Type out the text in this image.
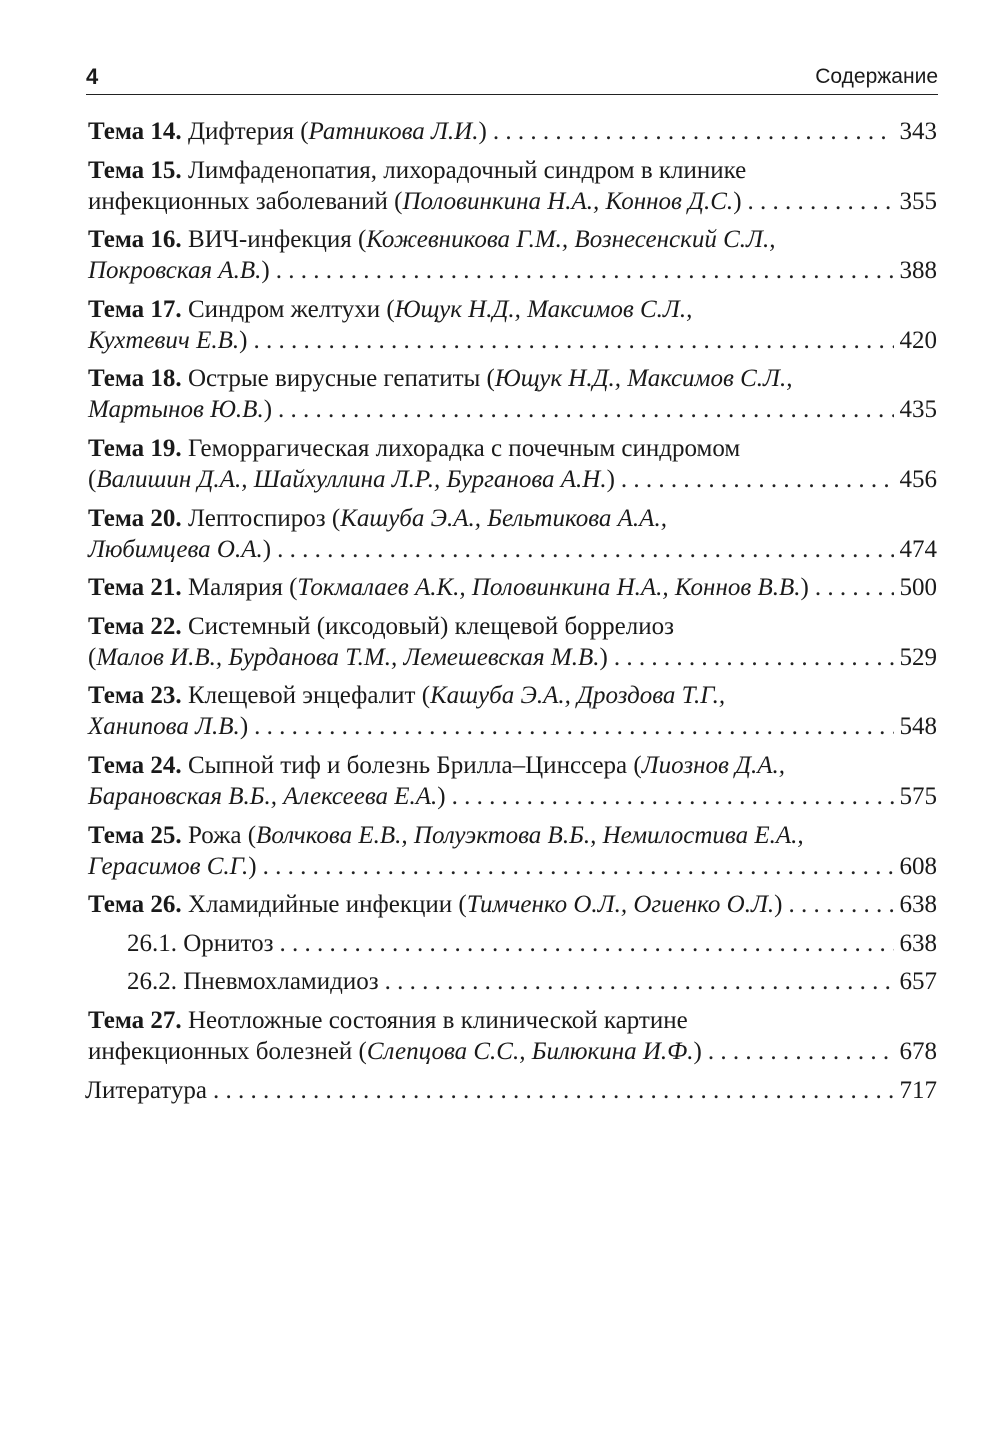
4	Содержание
Тема 14. Дифтерия (Ратникова Л.И.) . . .	343
Тема 15. Лимфаденопатия, лихорадочный синдром в клинике
инфекционных заболеваний (Половинкина Н.А., Коннов Д.С.) . . .	355
Тема 16. ВИЧ-инфекция (Кожевникова Г.М., Вознесенский С.Л.,
Покровская А.В.) . . .	388
Тема 17. Синдром желтухи (Ющук Н.Д., Максимов С.Л.,
Кухтевич Е.В.) . . .	420
Тема 18. Острые вирусные гепатиты (Ющук Н.Д., Максимов С.Л.,
Мартынов Ю.В.) . . .	435
Тема 19. Геморрагическая лихорадка с почечным синдромом
(Валишин Д.А., Шайхуллина Л.Р., Бурганова А.Н.) . . .	456
Тема 20. Лептоспироз (Кашуба Э.А., Бельтикова А.А.,
Любимцева О.А.) . . .	474
Тема 21. Малярия (Токмалаев А.К., Половинкина Н.А., Коннов В.В.) . . .	500
Тема 22. Системный (иксодовый) клещевой боррелиоз
(Малов И.В., Бурданова Т.М., Лемешевская М.В.) . . .	529
Тема 23. Клещевой энцефалит (Кашуба Э.А., Дроздова Т.Г.,
Ханипова Л.В.) . . .	548
Тема 24. Сыпной тиф и болезнь Брилла–Цинссера (Лиознов Д.А.,
Барановская В.Б., Алексеева Е.А.) . . .	575
Тема 25. Рожа (Волчкова Е.В., Полуэктова В.Б., Немилостива Е.А.,
Герасимов С.Г.) . . .	608
Тема 26. Хламидийные инфекции (Тимченко О.Л., Огиенко О.Л.) . . .	638
26.1. Орнитоз . . .	638
26.2. Пневмохламидиоз . . .	657
Тема 27. Неотложные состояния в клинической картине
инфекционных болезней (Слепцова С.С., Билюкина И.Ф.) . . .	678
Литература . . .	717
